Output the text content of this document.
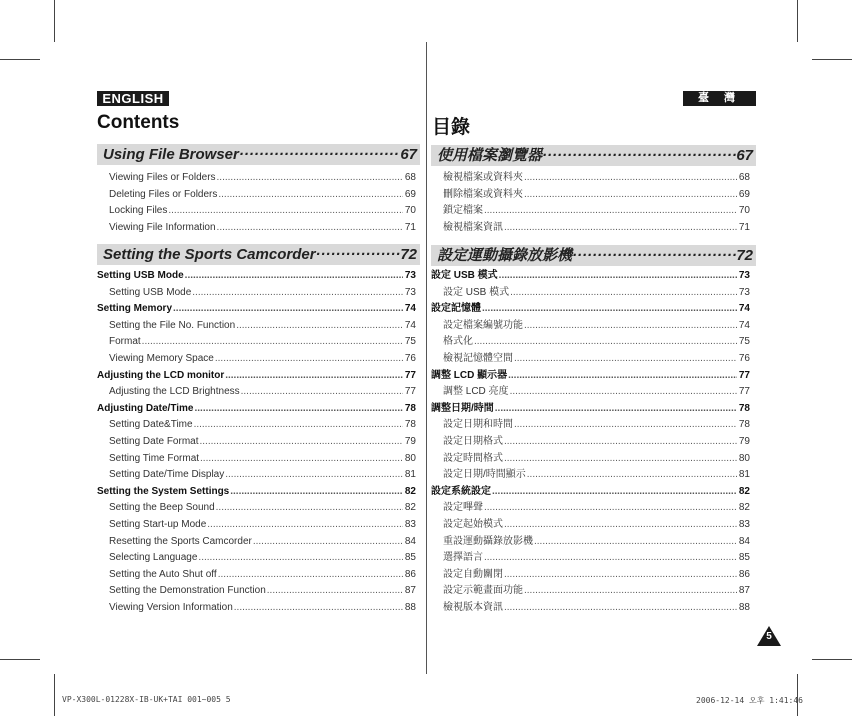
ENGLISH
Contents
Using File Browser ·····	67
Viewing Files or Folders .....	68
Deleting Files or Folders .....	69
Locking Files .....	70
Viewing File Information .....	71
Setting the Sports Camcorder ·····	72
Setting USB Mode .....	73
Setting USB Mode .....	73
Setting Memory .....	74
Setting the File No. Function .....	74
Format .....	75
Viewing Memory Space .....	76
Adjusting the LCD monitor .....	77
Adjusting the LCD Brightness .....	77
Adjusting Date/Time .....	78
Setting Date&Time .....	78
Setting Date Format .....	79
Setting Time Format .....	80
Setting Date/Time Display .....	81
Setting the System Settings .....	82
Setting the Beep Sound .....	82
Setting Start-up Mode .....	83
Resetting the Sports Camcorder .....	84
Selecting Language .....	85
Setting the Auto Shut off .....	86
Setting the Demonstration Function .....	87
Viewing Version Information .....	88
臺 灣
目錄
使用檔案瀏覽器 ·····	67
檢視檔案或資料夾 .....	68
刪除檔案或資料夾 .....	69
鎖定檔案 .....	70
檢視檔案資訊 .....	71
設定運動攝錄放影機 ·····	72
設定 USB 模式 .....	73
設定 USB 模式 .....	73
設定記憶體 .....	74
設定檔案編號功能 .....	74
格式化 .....	75
檢視記憶體空間 .....	76
調整 LCD 顯示器 .....	77
調整 LCD 亮度 .....	77
調整日期/時間 .....	78
設定日期和時間 .....	78
設定日期格式 .....	79
設定時間格式 .....	80
設定日期/時間顯示 .....	81
設定系統設定 .....	82
設定嗶聲 .....	82
設定起始模式 .....	83
重設運動攝錄放影機 .....	84
選擇語言 .....	85
設定自動關閉 .....	86
設定示範畫面功能 .....	87
檢視版本資訊 .....	88
5
VP-X300L-01228X-IB-UK+TAI 001~005 5	2006-12-14 오후 1:41:46
